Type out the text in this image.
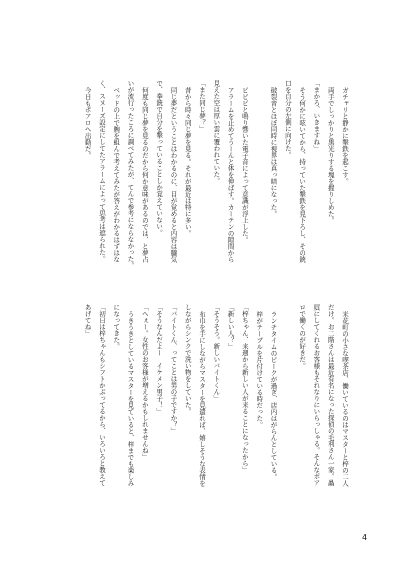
ガチャリと静かに撃鉄を起こす。
両手でしっかりと黒光りする塊を握りしめた。
「まかろ、いきますね」
そう何かに呟いてから、持っていた撃鉄を見下ろし、その銃
口を自分の左側に向けた。
破裂音とほぼ同時に視界は真っ暗になった。

ピピピと鳴り響いた電子音によって意識が浮上した。
アラームを止めてうーんと体を伸ばす。カーテンの隙間から
見えた空は厚い雲に覆われていた。
「また同じ夢？」
昔から時々同じ夢を見る。それが最近は特に多い。
同じ夢だということはわかるのに、目が覚めると内容は朧気
で、拳銃で自分を撃っていることしか覚えていない。
何度も同じ夢を見るのだから何か意味があるのでは、と夢占
いが流行ったころに調べてみたが、てんで参考にならなかった。
ベッドの上で腕を組んで考えてみたが答えがわかるはずはな
く、スヌーズ設定にしてたアラームによって思考は遮られた。
今日もポアロへ出勤だ。
米花町の小さな喫茶店、働いているのはマスターと梓の二人
だけ。お二階さんは最近有名になった探偵の毛利さん一家。贔
屓にしてくれるお客様もそれなりにいらっしゃる。そんなポア
ロで働くのが好きだ。

ランチタイムのピークが過ぎ、店内はがらんとしている。
梓がテーブルを片付けている時だった。
「梓ちゃん、来週から新しい人が来ることになったから」
「新しい人？」
「そうそう。新しいバイトくん」
布巾を手にしながらマスターを見遣れば、嬉しそうな表情を
しながらシンクで洗い物をしていた。
「バイトくん、ってことは男の子ですか？」
「そうなんだよー　イケメン男子！」
「へぇー。女性のお客様が増えるかもしれませんね」
うきうきとしているマスターを見ていると、梓までも楽しみ
になってきた。
「初日は梓ちゃんもシフトかぶってるから、いろいろと教えて
あげてね」
4
